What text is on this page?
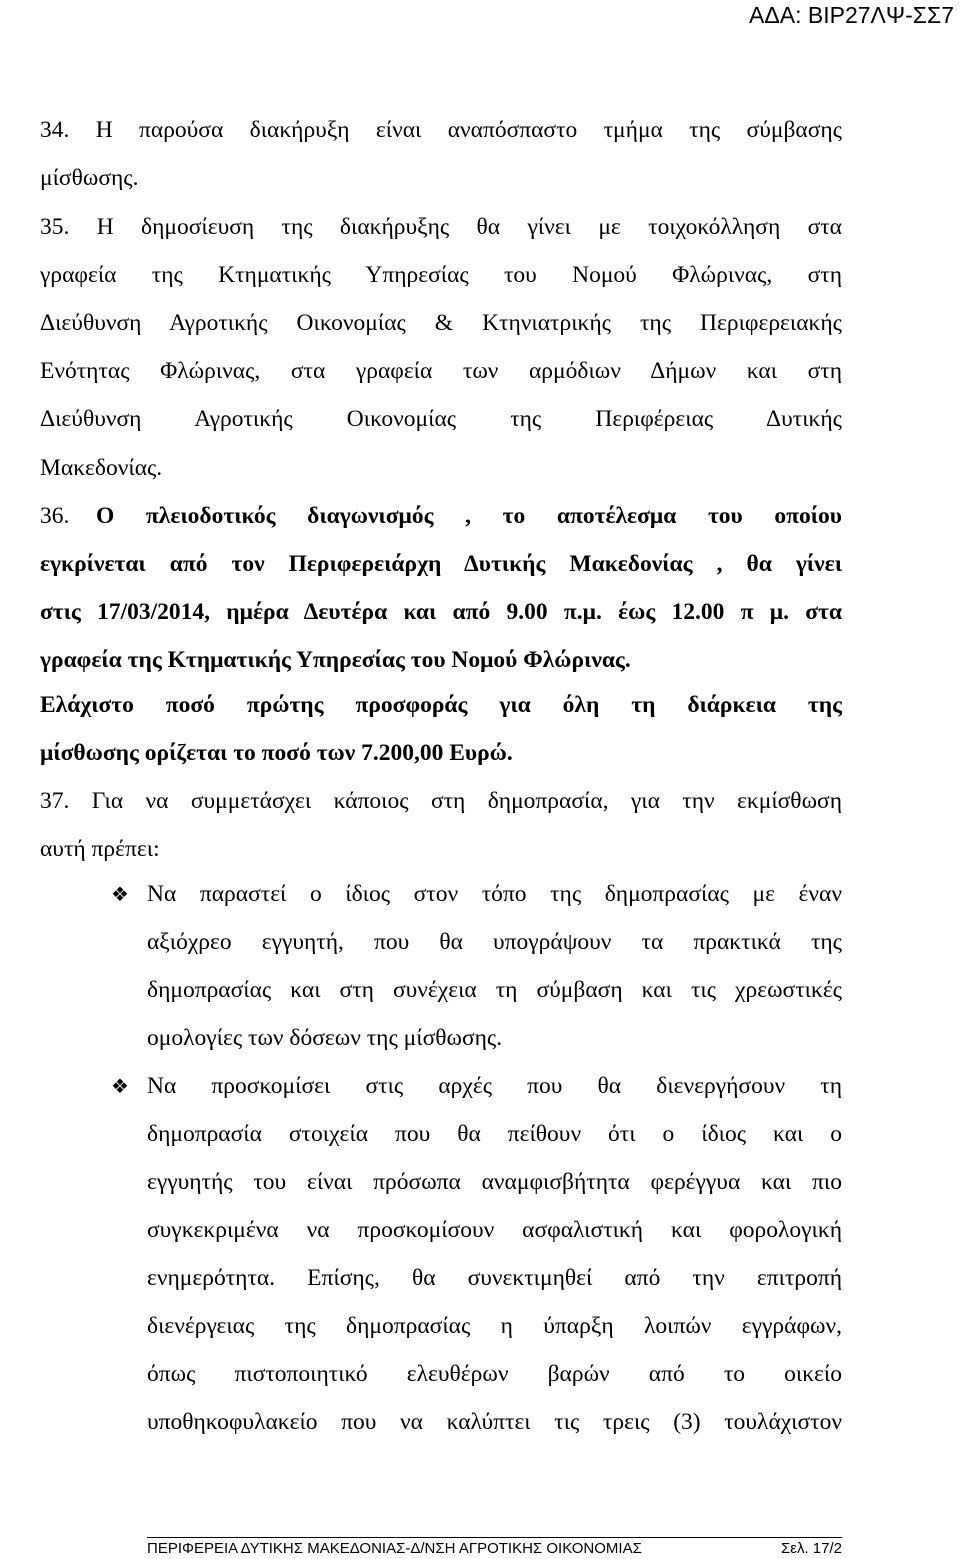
ΑΔΑ: ΒΙΡ27ΛΨ-ΣΣ7
34. Η παρούσα διακήρυξη είναι αναπόσπαστο τμήμα της σύμβασης
μίσθωσης.
35. Η δημοσίευση της διακήρυξης θα γίνει με τοιχοκόλληση στα
γραφεία της Κτηματικής Υπηρεσίας του Νομού Φλώρινας, στη
Διεύθυνση Αγροτικής Οικονομίας & Κτηνιατρικής της Περιφερειακής
Ενότητας Φλώρινας, στα γραφεία των αρμόδιων Δήμων και στη
Διεύθυνση Αγροτικής Οικονομίας της Περιφέρειας Δυτικής
Μακεδονίας.
36.	Ο πλειοδοτικός διαγωνισμός , το αποτέλεσμα του οποίου
εγκρίνεται από τον Περιφερειάρχη Δυτικής Μακεδονίας , θα γίνει
στις 17/03/2014, ημέρα Δευτέρα και από 9.00 π.μ. έως 12.00 π μ. στα
γραφεία της Κτηματικής Υπηρεσίας του Νομού Φλώρινας.
Ελάχιστο ποσό πρώτης προσφοράς για όλη τη διάρκεια της
μίσθωσης ορίζεται το ποσό των 7.200,00 Ευρώ.
37. Για να συμμετάσχει κάποιος στη δημοπρασία, για την εκμίσθωση
αυτή πρέπει:
❖ Να παραστεί ο ίδιος στον τόπο της δημοπρασίας με έναν
αξιόχρεο εγγυητή, που θα υπογράψουν τα πρακτικά της
δημοπρασίας και στη συνέχεια τη σύμβαση και τις χρεωστικές
ομολογίες των δόσεων της μίσθωσης.
❖ Να προσκομίσει στις αρχές που θα διενεργήσουν τη
δημοπρασία στοιχεία που θα πείθουν ότι ο ίδιος και ο
εγγυητής του είναι πρόσωπα αναμφισβήτητα φερέγγυα και πιο
συγκεκριμένα να προσκομίσουν ασφαλιστική και φορολογική
ενημερότητα. Επίσης, θα συνεκτιμηθεί από την επιτροπή
διενέργειας της δημοπρασίας η ύπαρξη λοιπών εγγράφων,
όπως πιστοποιητικό ελευθέρων βαρών από το οικείο
υποθηκοφυλακείο που να καλύπτει τις τρεις (3) τουλάχιστον
ΠΕΡΙΦΕΡΕΙΑ ΔΥΤΙΚΗΣ ΜΑΚΕΔΟΝΙΑΣ-Δ/ΝΣΗ ΑΓΡΟΤΙΚΗΣ ΟΙΚΟΝΟΜΙΑΣ	Σελ. 17/2
